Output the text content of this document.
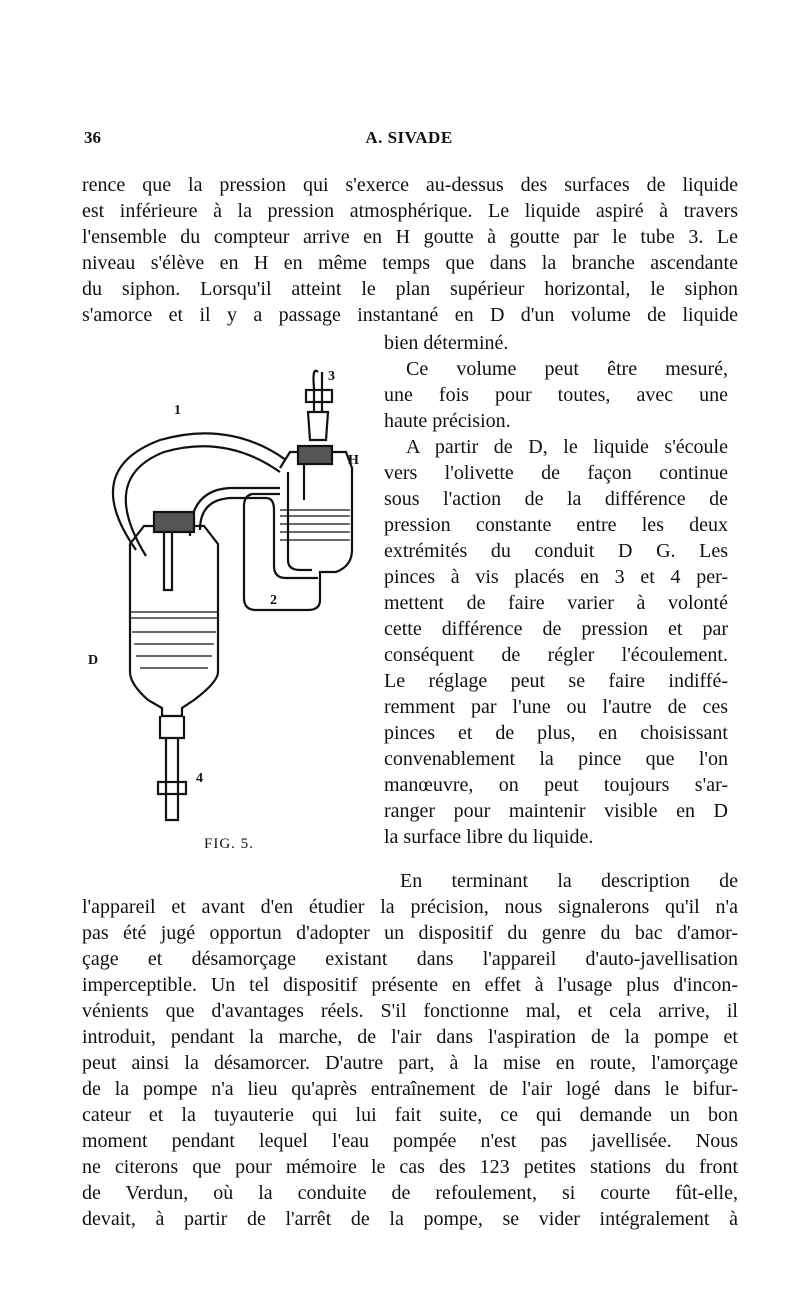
36	A. SIVADE
rence que la pression qui s'exerce au-dessus des surfaces de liquide
est inférieure à la pression atmosphérique. Le liquide aspiré à travers
l'ensemble du compteur arrive en H goutte à goutte par le tube 3. Le
niveau s'élève en H en même temps que dans la branche ascendante
du siphon. Lorsqu'il atteint le plan supérieur horizontal, le siphon
s'amorce et il y a passage instantané en D d'un volume de liquide
bien déterminé.
Ce volume peut être mesuré,
une fois pour toutes, avec une
haute précision.
A partir de D, le liquide s'écoule
vers l'olivette de façon continue
sous l'action de la différence de
pression constante entre les deux
extrémités du conduit D G. Les
pinces à vis placés en 3 et 4 per-
mettent de faire varier à volonté
cette différence de pression et par
conséquent de régler l'écoulement.
Le réglage peut se faire indiffé-
remment par l'une ou l'autre de ces
pinces et de plus, en choisissant
convenablement la pince que l'on
manœuvre, on peut toujours s'ar-
ranger pour maintenir visible en D
la surface libre du liquide.
1
3
H
2
D
4
FIG. 5.
En terminant la description de
l'appareil et avant d'en étudier la précision, nous signalerons qu'il n'a
pas été jugé opportun d'adopter un dispositif du genre du bac d'amor-
çage et désamorçage existant dans l'appareil d'auto-javellisation
imperceptible. Un tel dispositif présente en effet à l'usage plus d'incon-
vénients que d'avantages réels. S'il fonctionne mal, et cela arrive, il
introduit, pendant la marche, de l'air dans l'aspiration de la pompe et
peut ainsi la désamorcer. D'autre part, à la mise en route, l'amorçage
de la pompe n'a lieu qu'après entraînement de l'air logé dans le bifur-
cateur et la tuyauterie qui lui fait suite, ce qui demande un bon
moment pendant lequel l'eau pompée n'est pas javellisée. Nous
ne citerons que pour mémoire le cas des 123 petites stations du front
de Verdun, où la conduite de refoulement, si courte fût-elle,
devait, à partir de l'arrêt de la pompe, se vider intégralement à
